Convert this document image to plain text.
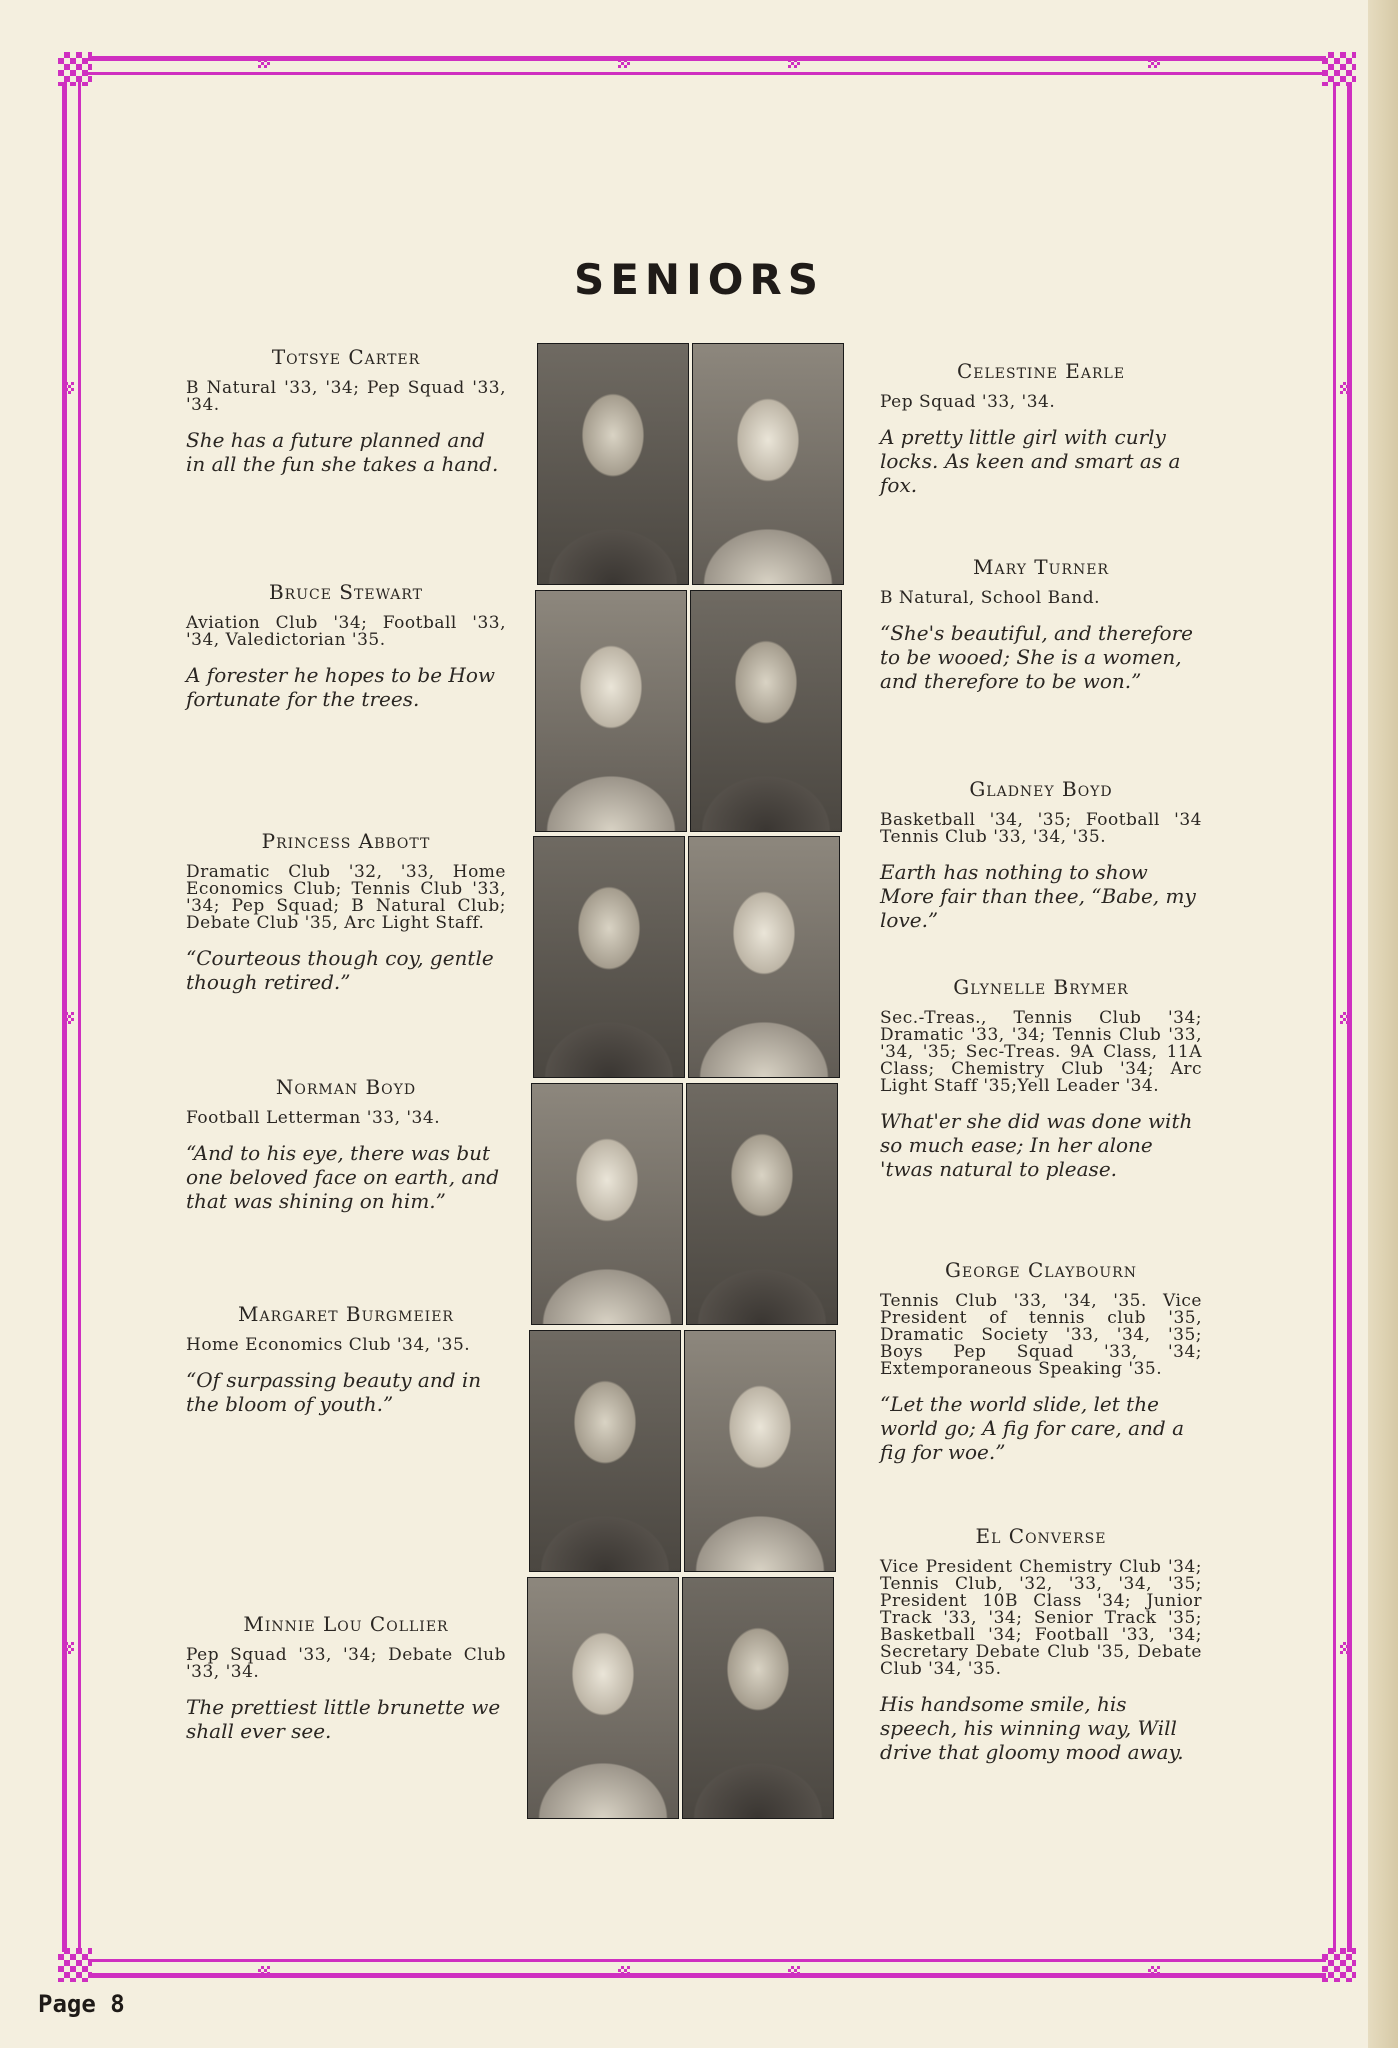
SENIORS
Totsye Carter
B Natural '33, '34; Pep Squad '33, '34.
She has a future planned and in all the fun she takes a hand.
Bruce Stewart
Aviation Club '34; Football '33, '34, Valedictorian '35.
A forester he hopes to be How fortunate for the trees.
Princess Abbott
Dramatic Club '32, '33, Home Economics Club; Tennis Club '33, '34; Pep Squad; B Natural Club; Debate Club '35, Arc Light Staff.
“Courteous though coy, gentle though retired.”
Norman Boyd
Football Letterman '33, '34.
“And to his eye, there was but one beloved face on earth, and that was shining on him.”
Margaret Burgmeier
Home Economics Club '34, '35.
“Of surpassing beauty and in the bloom of youth.”
Minnie Lou Collier
Pep Squad '33, '34; Debate Club '33, '34.
The prettiest little brunette we shall ever see.
Celestine Earle
Pep Squad '33, '34.
A pretty little girl with curly locks. As keen and smart as a fox.
Mary Turner
B Natural, School Band.
“She's beautiful, and therefore to be wooed; She is a women, and therefore to be won.”
Gladney Boyd
Basketball '34, '35; Football '34 Tennis Club '33, '34, '35.
Earth has nothing to show More fair than thee, “Babe, my love.”
Glynelle Brymer
Sec.-Treas., Tennis Club '34; Dramatic '33, '34; Tennis Club '33, '34, '35; Sec-Treas. 9A Class, 11A Class; Chemistry Club '34; Arc Light Staff '35;Yell Leader '34.
What'er she did was done with so much ease; In her alone 'twas natural to please.
George Claybourn
Tennis Club '33, '34, '35. Vice President of tennis club '35, Dramatic Society '33, '34, '35; Boys Pep Squad '33, '34; Extemporaneous Speaking '35.
“Let the world slide, let the world go; A fig for care, and a fig for woe.”
El Converse
Vice President Chemistry Club '34; Tennis Club, '32, '33, '34, '35; President 10B Class '34; Junior Track '33, '34; Senior Track '35; Basketball '34; Football '33, '34; Secretary Debate Club '35, Debate Club '34, '35.
His handsome smile, his speech, his winning way, Will drive that gloomy mood away.
Page 8
